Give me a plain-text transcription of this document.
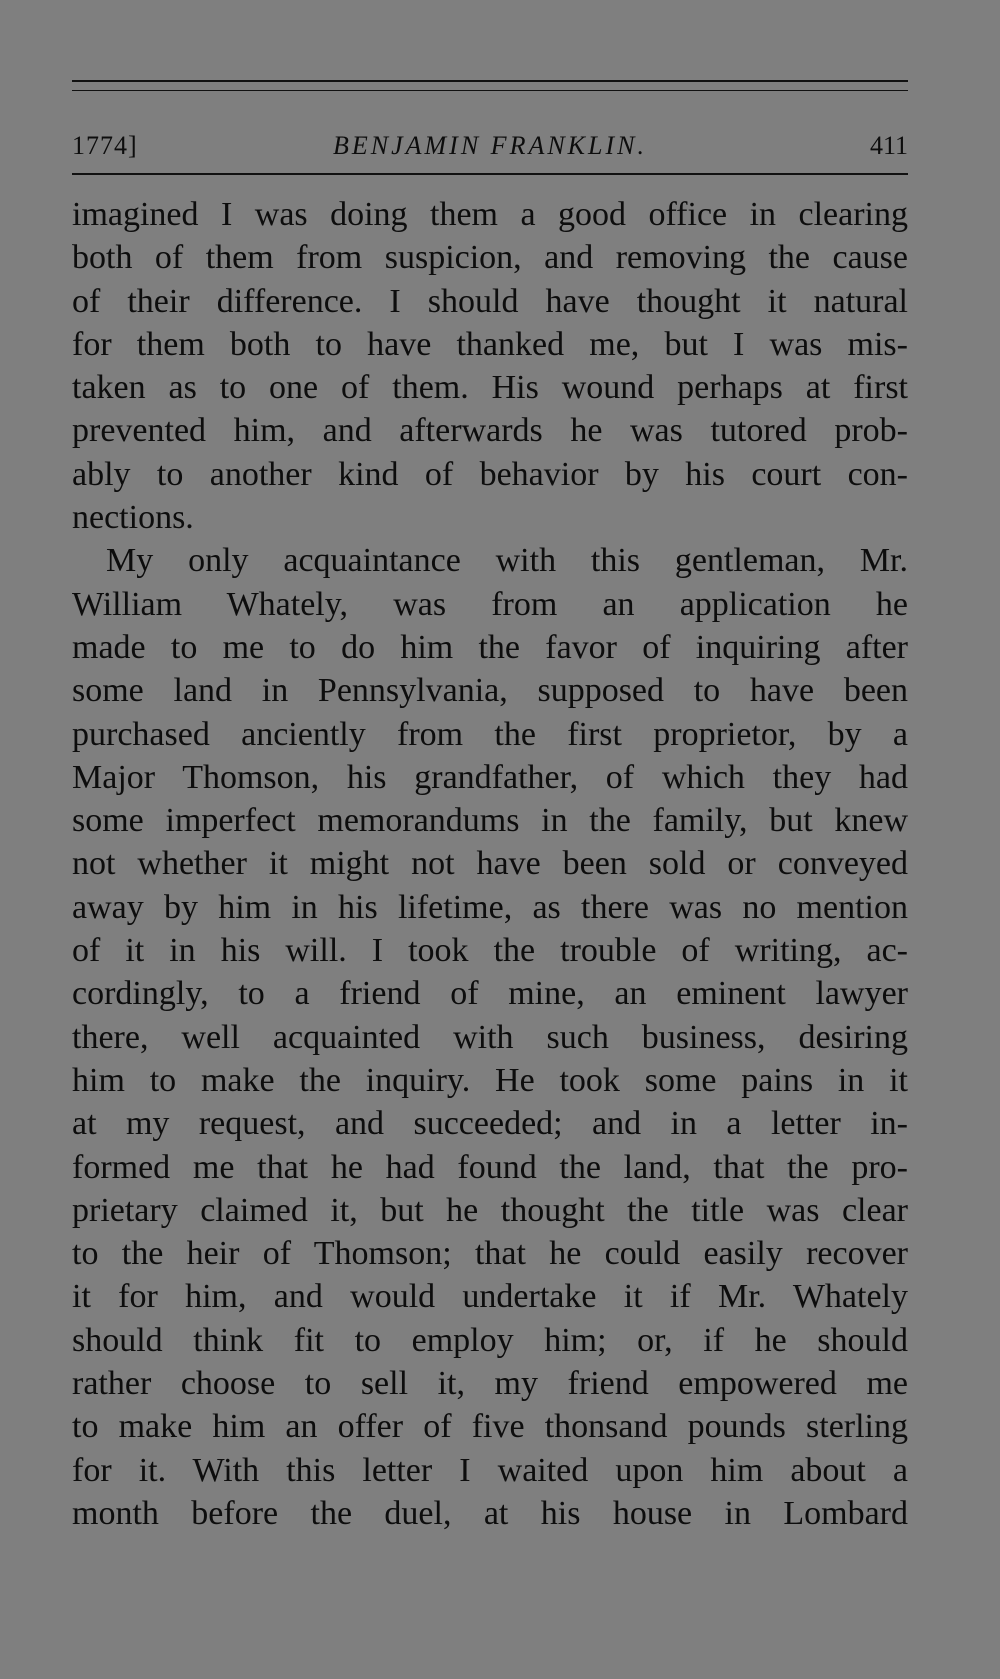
1774]	BENJAMIN FRANKLIN.	411
imagined I was doing them a good office in clearing
both of them from suspicion, and removing the cause
of their difference. I should have thought it natural
for them both to have thanked me, but I was mis-
taken as to one of them. His wound perhaps at first
prevented him, and afterwards he was tutored prob-
ably to another kind of behavior by his court con-
nections.
My only acquaintance with this gentleman, Mr.
William Whately, was from an application he
made to me to do him the favor of inquiring after
some land in Pennsylvania, supposed to have been
purchased anciently from the first proprietor, by a
Major Thomson, his grandfather, of which they had
some imperfect memorandums in the family, but knew
not whether it might not have been sold or conveyed
away by him in his lifetime, as there was no mention
of it in his will. I took the trouble of writing, ac-
cordingly, to a friend of mine, an eminent lawyer
there, well acquainted with such business, desiring
him to make the inquiry. He took some pains in it
at my request, and succeeded; and in a letter in-
formed me that he had found the land, that the pro-
prietary claimed it, but he thought the title was clear
to the heir of Thomson; that he could easily recover
it for him, and would undertake it if Mr. Whately
should think fit to employ him; or, if he should
rather choose to sell it, my friend empowered me
to make him an offer of five thonsand pounds sterling
for it. With this letter I waited upon him about a
month before the duel, at his house in Lombard
